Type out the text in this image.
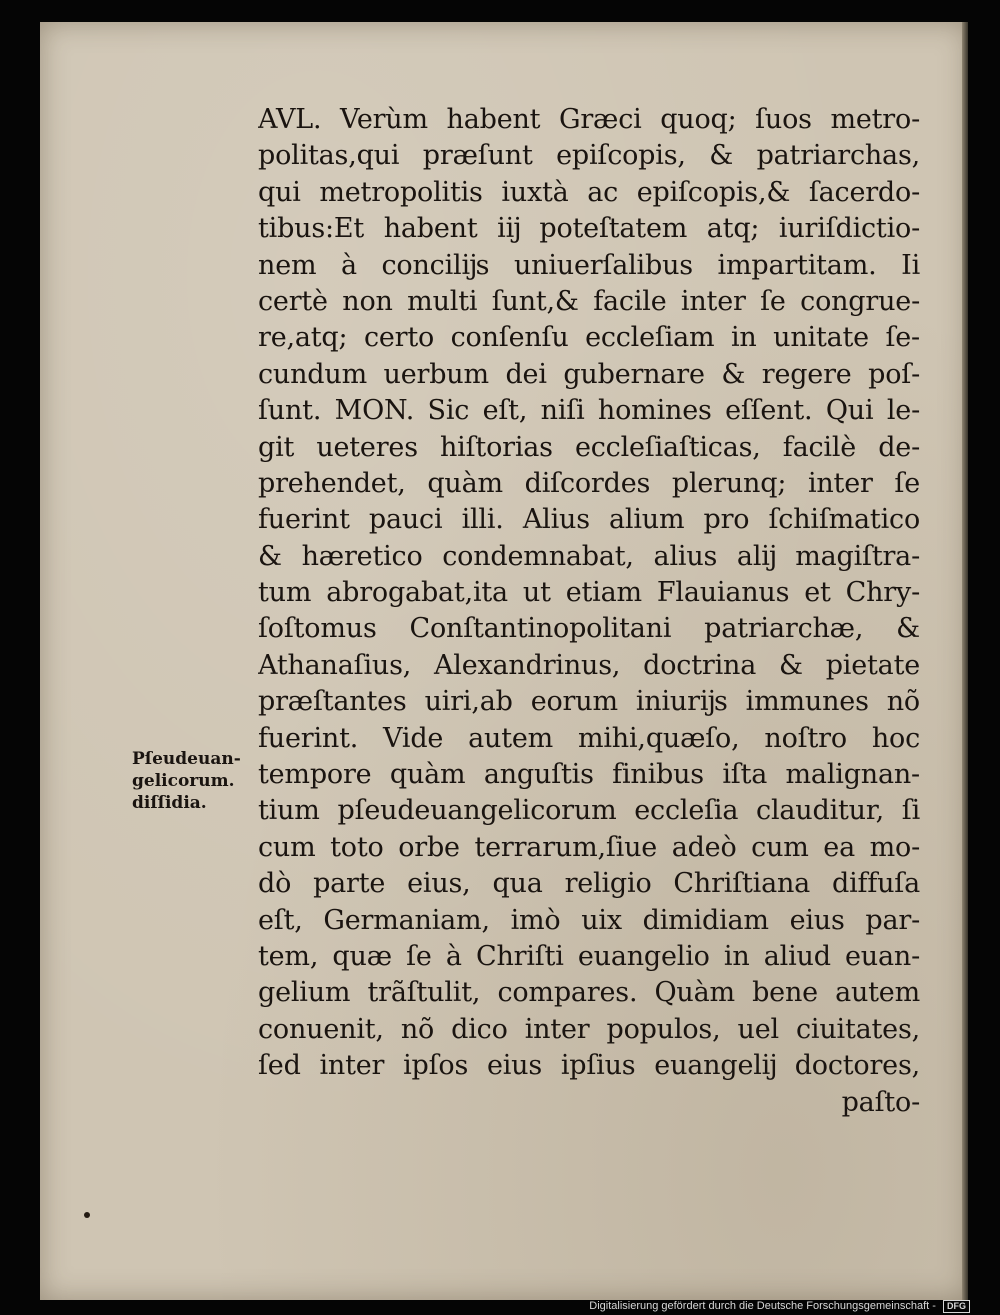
AVL. Verùm habent Græci quoq; ſuos metro-
politas,qui præſunt epiſcopis, & patriarchas,
qui metropolitis iuxtà ac epiſcopis,& ſacerdo-
tibus:Et habent iĳ poteſtatem atq; iuriſdictio-
nem à concilĳs uniuerſalibus impartitam. Ii
certè non multi ſunt,& facile inter ſe congrue-
re,atq; certo conſenſu eccleſiam in unitate ſe-
cundum uerbum dei gubernare & regere poſ-
ſunt. MON. Sic eſt, niſi homines eſſent. Qui le-
git ueteres hiſtorias eccleſiaſticas, facilè de-
prehendet, quàm diſcordes plerunq; inter ſe
fuerint pauci illi. Alius alium pro ſchiſmatico
& hæretico condemnabat, alius alĳ magiſtra-
tum abrogabat,ita ut etiam Flauianus et Chry-
ſoſtomus Conſtantinopolitani patriarchæ, &
Athanaſius, Alexandrinus, doctrina & pietate
præſtantes uiri,ab eorum iniurĳs immunes nõ
fuerint. Vide autem mihi,quæſo, noſtro hoc
tempore quàm anguſtis finibus iſta malignan-
tium pſeudeuangelicorum eccleſia clauditur, ſi
cum toto orbe terrarum,ſiue adeò cum ea mo-
dò parte eius, qua religio Chriſtiana diffuſa
eſt, Germaniam, imò uix dimidiam eius par-
tem, quæ ſe à Chriſti euangelio in aliud euan-
gelium trãſtulit, compares. Quàm bene autem
conuenit, nõ dico inter populos, uel ciuitates,
ſed inter ipſos eius ipſius euangelĳ doctores,
paſto-
Pſeudeuan-
gelicorum.
diſſidia.
Digitalisierung gefördert durch die Deutsche Forschungsgemeinschaft - DFG
